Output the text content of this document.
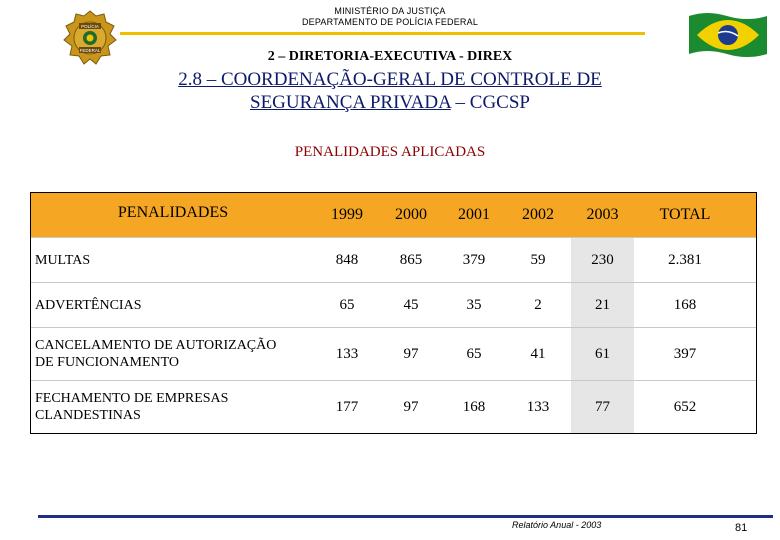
MINISTÉRIO DA JUSTIÇA
DEPARTAMENTO DE POLÍCIA FEDERAL
POLÍCIA
FEDERAL	2 – DIRETORIA-EXECUTIVA - DIREX
2.8 – COORDENAÇÃO-GERAL DE CONTROLE DE
SEGURANÇA PRIVADA – CGCSP
PENALIDADES APLICADAS
PENALIDADES	1999	2000	2001	2002	2003	TOTAL
MULTAS	848	865	379	59	230	2.381
ADVERTÊNCIAS	65	45	35	2	21	168
CANCELAMENTO DE AUTORIZAÇÃO
DE FUNCIONAMENTO
133	97	65	41	61	397
FECHAMENTO DE EMPRESAS
CLANDESTINAS
177	97	168	133	77	652
Relatório Anual - 2003	81
